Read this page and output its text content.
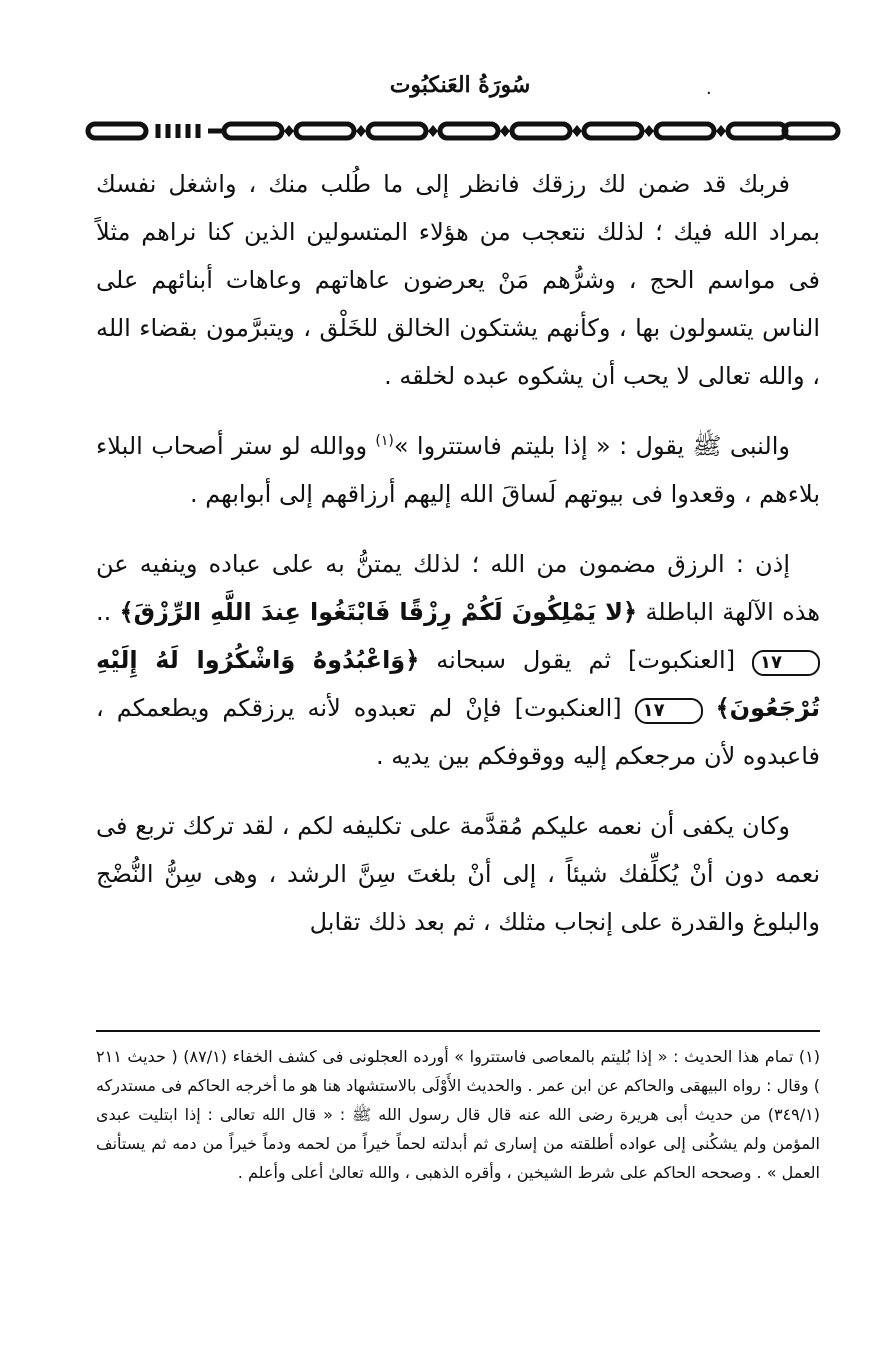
سُورَةُ العَنكبُوت	.

فربك قد ضمن لك رزقك فانظر إلى ما طُلب منك ، واشغل نفسك بمراد الله فيك ؛ لذلك نتعجب من هؤلاء المتسولين الذين كنا نراهم مثلاً فى مواسم الحج ، وشرُّهم مَنْ يعرضون عاهاتهم وعاهات أبنائهم على الناس يتسولون بها ، وكأنهم يشتكون الخالق للخَلْق ، ويتبرَّمون بقضاء الله ، والله تعالى لا يحب أن يشكوه عبده لخلقه .

والنبى ﷺ يقول : « إذا بليتم فاستتروا »$^{(١)}$ ووالله لو ستر أصحاب البلاء بلاءهم ، وقعدوا فى بيوتهم لَساقَ الله إليهم أرزاقهم إلى أبوابهم .

إذن : الرزق مضمون من الله ؛ لذلك يمتنُّ به على عباده وينفيه عن هذه الآلهة الباطلة ﴿لا يَمْلِكُونَ لَكُمْ رِزْقًا فَابْتَغُوا عِندَ اللَّهِ الرِّزْقَ﴾ .. ١٧ [العنكبوت] ثم يقول سبحانه ﴿وَاعْبُدُوهُ وَاشْكُرُوا لَهُ إِلَيْهِ تُرْجَعُونَ﴾ ١٧ [العنكبوت] فإنْ لم تعبدوه لأنه يرزقكم ويطعمكم ، فاعبدوه لأن مرجعكم إليه ووقوفكم بين يديه .

وكان يكفى أن نعمه عليكم مُقدَّمة على تكليفه لكم ، لقد تركك تربع فى نعمه دون أنْ يُكلِّفك شيئاً ، إلى أنْ بلغتَ سِنَّ الرشد ، وهى سِنُّ النُّضْج والبلوغ والقدرة على إنجاب مثلك ، ثم بعد ذلك تقابل

(١) تمام هذا الحديث : « إذا بُليتم بالمعاصى فاستتروا » أورده العجلونى فى كشف الخفاء (٨٧/١) ( حديث ٢١١ ) وقال : رواه البيهقى والحاكم عن ابن عمر . والحديث الأَوْلَى بالاستشهاد هنا هو ما أخرجه الحاكم فى مستدركه (٣٤٩/١) من حديث أبى هريرة رضى الله عنه قال قال رسول الله ﷺ : « قال الله تعالى : إذا ابتليت عبدى المؤمن ولم يشكُنى إلى عواده أطلقته من إسارى ثم أبدلته لحماً خيراً من لحمه ودماً خيراً من دمه ثم يستأنف العمل » . وصححه الحاكم على شرط الشيخين ، وأقره الذهبى ، والله تعالىٰ أعلى وأعلم .
